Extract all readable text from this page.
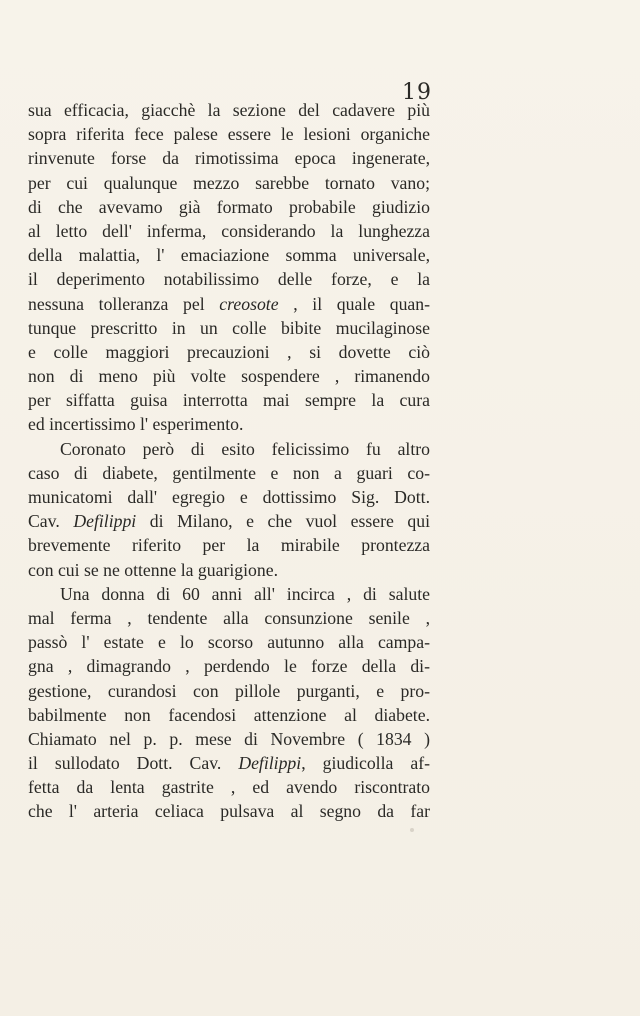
19
sua efficacia, giacchè la sezione del cadavere più
sopra riferita fece palese essere le lesioni organiche
rinvenute forse da rimotissima epoca ingenerate,
per cui qualunque mezzo sarebbe tornato vano;
di che avevamo già formato probabile giudizio
al letto dell' inferma, considerando la lunghezza
della malattia, l' emaciazione somma universale,
il deperimento notabilissimo delle forze, e la
nessuna tolleranza pel creosote , il quale quan-
tunque prescritto in un colle bibite mucilaginose
e colle maggiori precauzioni , si dovette ciò
non di meno più volte sospendere , rimanendo
per siffatta guisa interrotta mai sempre la cura
ed incertissimo l' esperimento.
Coronato però di esito felicissimo fu altro
caso di diabete, gentilmente e non a guari co-
municatomi dall' egregio e dottissimo Sig. Dott.
Cav. Defilippi di Milano, e che vuol essere qui
brevemente riferito per la mirabile prontezza
con cui se ne ottenne la guarigione.
Una donna di 60 anni all' incirca , di salute
mal ferma , tendente alla consunzione senile ,
passò l' estate e lo scorso autunno alla campa-
gna , dimagrando , perdendo le forze della di-
gestione, curandosi con pillole purganti, e pro-
babilmente non facendosi attenzione al diabete.
Chiamato nel p. p. mese di Novembre ( 1834 )
il sullodato Dott. Cav. Defilippi, giudicolla af-
fetta da lenta gastrite , ed avendo riscontrato
che l' arteria celiaca pulsava al segno da far
